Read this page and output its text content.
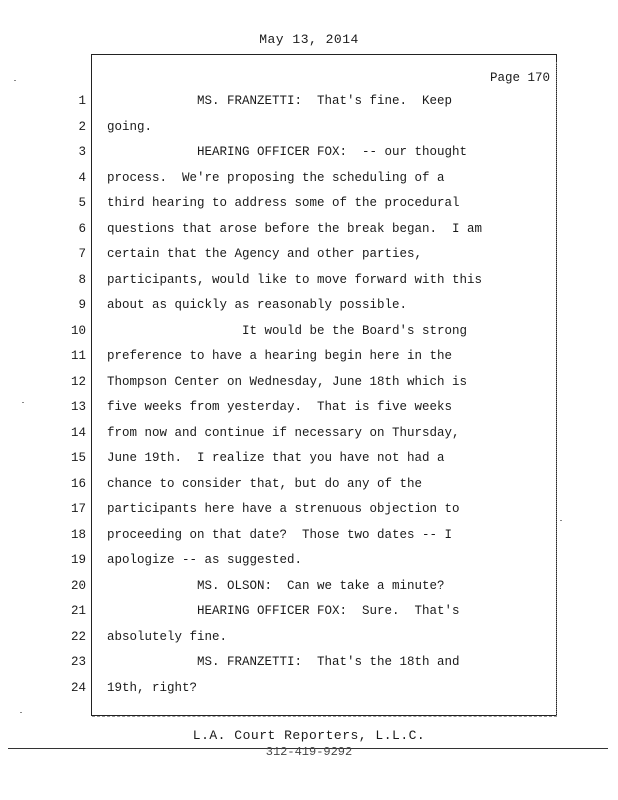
May 13, 2014
Page 170
1
2
3
4
5
6
7
8
9
10
11
12
13
14
15
16
17
18
19
20
21
22
23
24
MS. FRANZETTI:  That's fine.  Keep
going.
HEARING OFFICER FOX:  -- our thought
process.  We're proposing the scheduling of a
third hearing to address some of the procedural
questions that arose before the break began.  I am
certain that the Agency and other parties,
participants, would like to move forward with this
about as quickly as reasonably possible.
It would be the Board's strong
preference to have a hearing begin here in the
Thompson Center on Wednesday, June 18th which is
five weeks from yesterday.  That is five weeks
from now and continue if necessary on Thursday,
June 19th.  I realize that you have not had a
chance to consider that, but do any of the
participants here have a strenuous objection to
proceeding on that date?  Those two dates -- I
apologize -- as suggested.
MS. OLSON:  Can we take a minute?
HEARING OFFICER FOX:  Sure.  That's
absolutely fine.
MS. FRANZETTI:  That's the 18th and
19th, right?
L.A. Court Reporters, L.L.C.
312-419-9292
